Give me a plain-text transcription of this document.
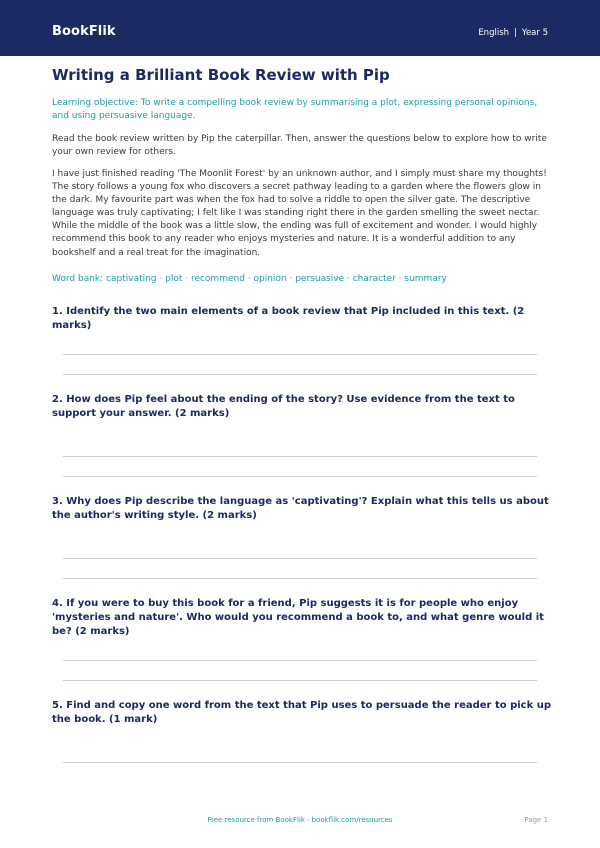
BookFlik	English | Year 5
Writing a Brilliant Book Review with Pip
Learning objective: To write a compelling book review by summarising a plot, expressing personal opinions, and using persuasive language.
Read the book review written by Pip the caterpillar. Then, answer the questions below to explore how to write your own review for others.
I have just finished reading 'The Moonlit Forest' by an unknown author, and I simply must share my thoughts! The story follows a young fox who discovers a secret pathway leading to a garden where the flowers glow in the dark. My favourite part was when the fox had to solve a riddle to open the silver gate. The descriptive language was truly captivating; I felt like I was standing right there in the garden smelling the sweet nectar. While the middle of the book was a little slow, the ending was full of excitement and wonder. I would highly recommend this book to any reader who enjoys mysteries and nature. It is a wonderful addition to any bookshelf and a real treat for the imagination.
Word bank: captivating · plot · recommend · opinion · persuasive · character · summary
1. Identify the two main elements of a book review that Pip included in this text. (2 marks)
2. How does Pip feel about the ending of the story? Use evidence from the text to support your answer. (2 marks)
3. Why does Pip describe the language as 'captivating'? Explain what this tells us about the author's writing style. (2 marks)
4. If you were to buy this book for a friend, Pip suggests it is for people who enjoy 'mysteries and nature'. Who would you recommend a book to, and what genre would it be? (2 marks)
5. Find and copy one word from the text that Pip uses to persuade the reader to pick up the book. (1 mark)
Free resource from BookFlik · bookflik.com/resources	Page 1
